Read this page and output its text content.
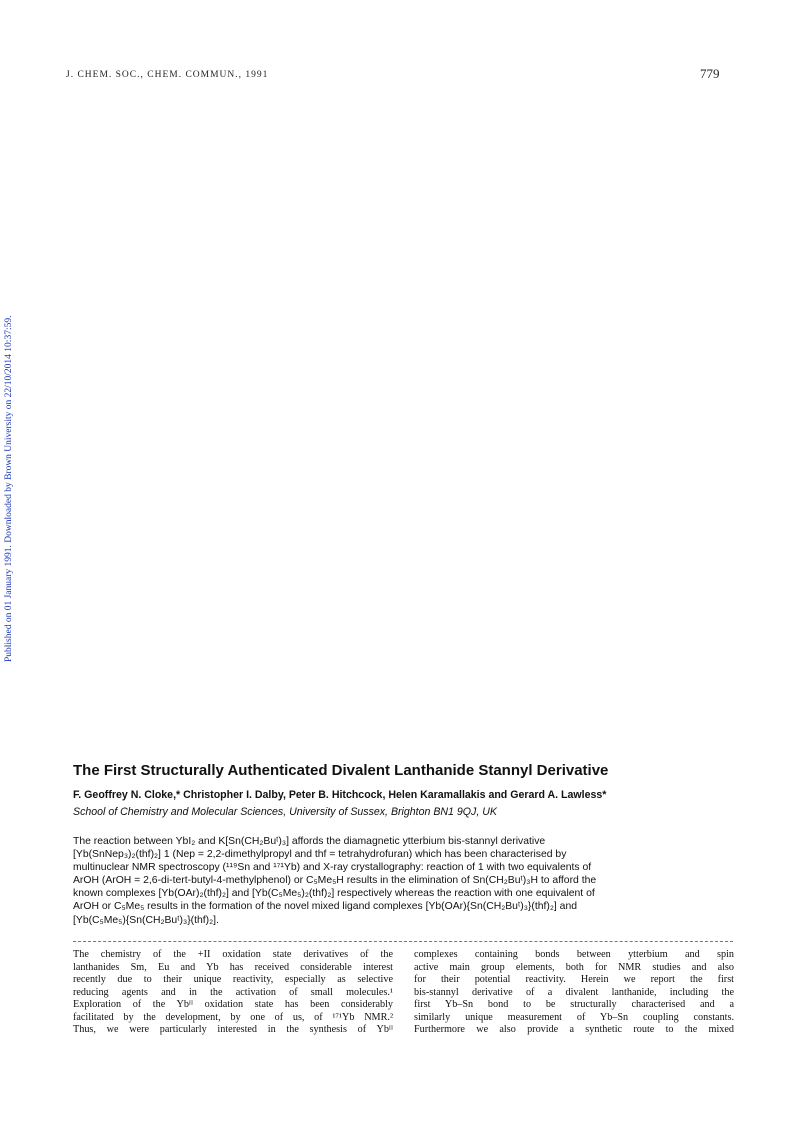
J. CHEM. SOC., CHEM. COMMUN., 1991	779
Published on 01 January 1991. Downloaded by Brown University on 22/10/2014 10:37:59.
The First Structurally Authenticated Divalent Lanthanide Stannyl Derivative
F. Geoffrey N. Cloke,* Christopher I. Dalby, Peter B. Hitchcock, Helen Karamallakis and Gerard A. Lawless*
School of Chemistry and Molecular Sciences, University of Sussex, Brighton BN1 9QJ, UK
The reaction between YbI₂ and K[Sn(CH₂Buᵗ)₃] affords the diamagnetic ytterbium bis-stannyl derivative
[Yb(SnNep₃)₂(thf)₂] 1 (Nep = 2,2-dimethylpropyl and thf = tetrahydrofuran) which has been characterised by
multinuclear NMR spectroscopy (¹¹⁹Sn and ¹⁷¹Yb) and X-ray crystallography: reaction of 1 with two equivalents of
ArOH (ArOH = 2,6-di-tert-butyl-4-methylphenol) or C₅Me₅H results in the elimination of Sn(CH₂Buᵗ)₃H to afford the
known complexes [Yb(OAr)₂(thf)₂] and [Yb(C₅Me₅)₂(thf)₂] respectively whereas the reaction with one equivalent of
ArOH or C₅Me₅ results in the formation of the novel mixed ligand complexes [Yb(OAr){Sn(CH₂Buᵗ)₃}(thf)₂] and
[Yb(C₅Me₅){Sn(CH₂Buᵗ)₃}(thf)₂].
The chemistry of the +II oxidation state derivatives of the
lanthanides Sm, Eu and Yb has received considerable interest
recently due to their unique reactivity, especially as selective
reducing agents and in the activation of small molecules.¹
Exploration of the Ybᴵᴵ oxidation state has been considerably
facilitated by the development, by one of us, of ¹⁷¹Yb NMR.²
Thus, we were particularly interested in the synthesis of Ybᴵᴵ
complexes containing bonds between ytterbium and spin
active main group elements, both for NMR studies and also
for their potential reactivity. Herein we report the first
bis-stannyl derivative of a divalent lanthanide, including the
first Yb–Sn bond to be structurally characterised and a
similarly unique measurement of Yb–Sn coupling constants.
Furthermore we also provide a synthetic route to the mixed
